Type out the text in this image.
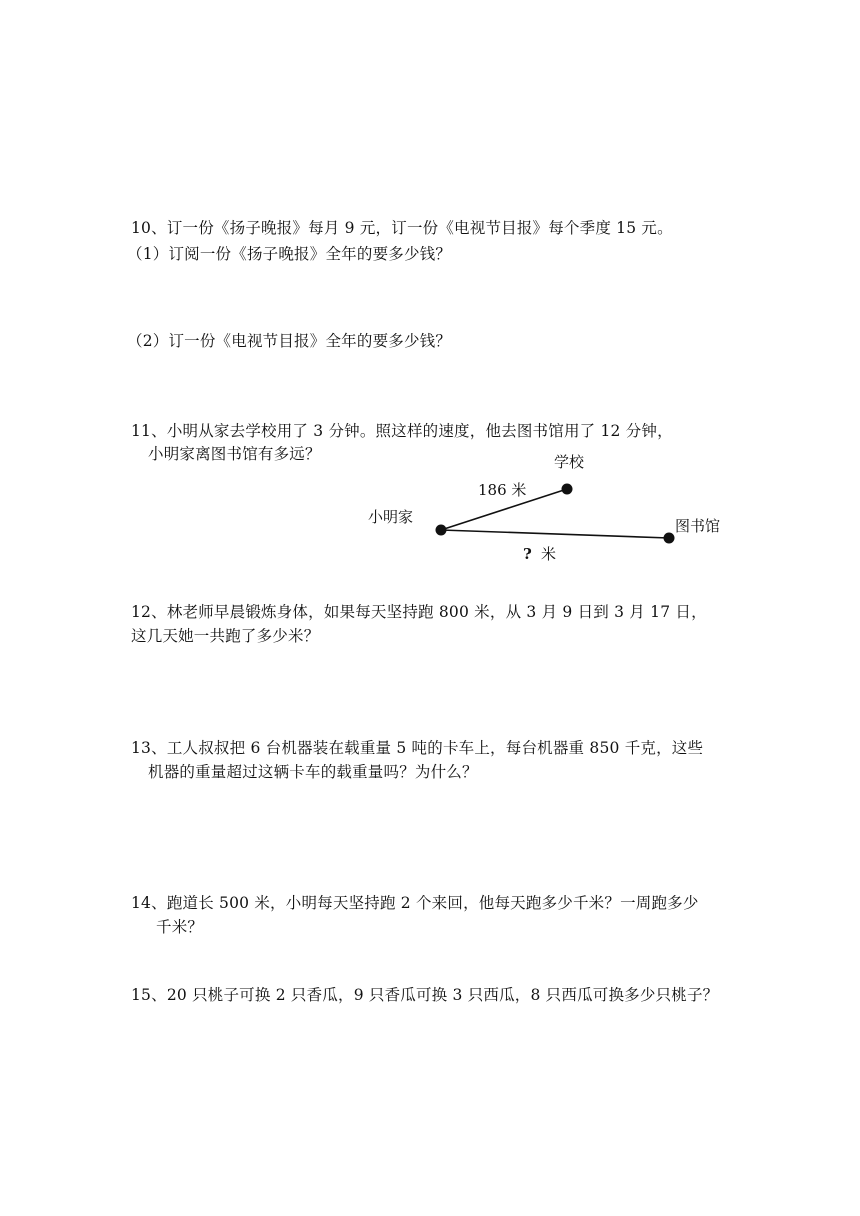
10、订一份《扬子晚报》每月 9 元，订一份《电视节目报》每个季度 15 元。
（1）订阅一份《扬子晚报》全年的要多少钱？
（2）订一份《电视节目报》全年的要多少钱？
11、小明从家去学校用了 3 分钟。照这样的速度，他去图书馆用了 12 分钟，
小明家离图书馆有多远？	学校
小明家	图书馆
186 米
? 米
12、林老师早晨锻炼身体，如果每天坚持跑 800 米，从 3 月 9 日到 3 月 17 日，
这几天她一共跑了多少米？
13、工人叔叔把 6 台机器装在载重量 5 吨的卡车上，每台机器重 850 千克，这些
机器的重量超过这辆卡车的载重量吗？为什么？
14、跑道长 500 米，小明每天坚持跑 2 个来回，他每天跑多少千米？一周跑多少
千米？
15、20 只桃子可换 2 只香瓜，9 只香瓜可换 3 只西瓜，8 只西瓜可换多少只桃子？
